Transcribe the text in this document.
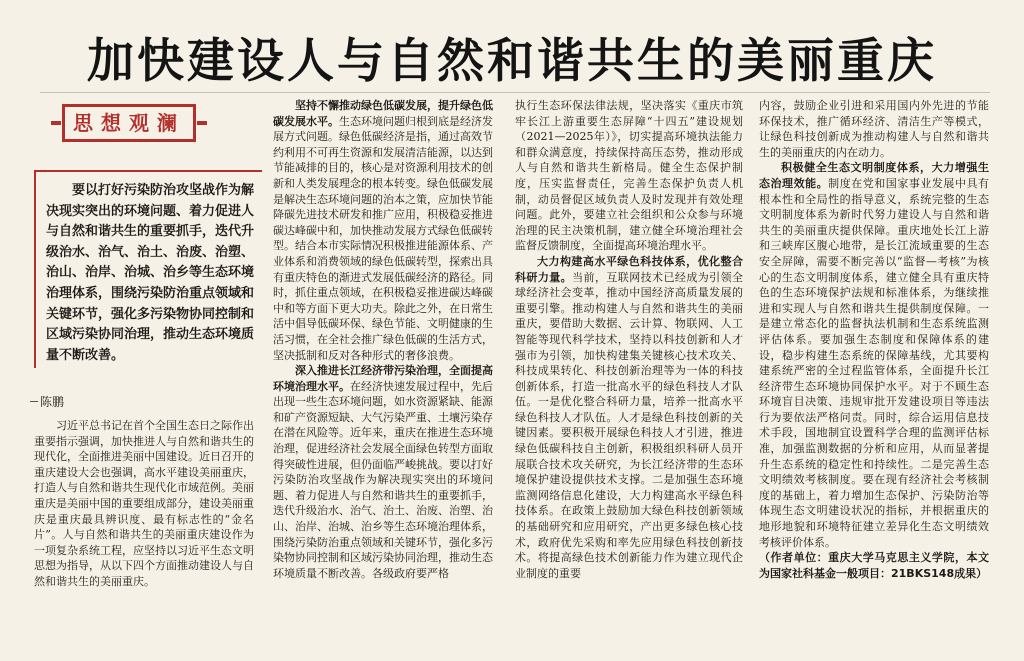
加快建设人与自然和谐共生的美丽重庆
思想观澜

要以打好污染防治攻坚战作为解决现实突出的环境问题、着力促进人与自然和谐共生的重要抓手，迭代升级治水、治气、治土、治废、治塑、治山、治岸、治城、治乡等生态环境治理体系，围绕污染防治重点领域和关键环节，强化多污染物协同控制和区域污染协同治理，推动生态环境质量不断改善。

陈鹏

习近平总书记在首个全国生态日之际作出重要指示强调，加快推进人与自然和谐共生的现代化，全面推进美丽中国建设。近日召开的重庆建设大会也强调，高水平建设美丽重庆，打造人与自然和谐共生现代化市域范例。美丽重庆是美丽中国的重要组成部分，建设美丽重庆是重庆最具辨识度、最有标志性的“金名片”。人与自然和谐共生的美丽重庆建设作为一项复杂系统工程，应坚持以习近平生态文明思想为指导，从以下四个方面推动建设人与自然和谐共生的美丽重庆。

坚持不懈推动绿色低碳发展，提升绿色低碳发展水平。生态环境问题归根到底是经济发展方式问题。绿色低碳经济是指，通过高效节约利用不可再生资源和发展清洁能源，以达到节能减排的目的，核心是对资源利用技术的创新和人类发展理念的根本转变。绿色低碳发展是解决生态环境问题的治本之策，应加快节能降碳先进技术研发和推广应用，积极稳妥推进碳达峰碳中和，加快推动发展方式绿色低碳转型。结合本市实际情况积极推进能源体系、产业体系和消费领域的绿色低碳转型，探索出具有重庆特色的渐进式发展低碳经济的路径。同时，抓住重点领域，在积极稳妥推进碳达峰碳中和等方面下更大功夫。除此之外，在日常生活中倡导低碳环保、绿色节能、文明健康的生活习惯，在全社会推广绿色低碳的生活方式，坚决抵制和反对各种形式的奢侈浪费。

深入推进长江经济带污染治理，全面提高环境治理水平。在经济快速发展过程中，先后出现一些生态环境问题，如水资源紧缺、能源和矿产资源短缺、大气污染严重、土壤污染存在潜在风险等。近年来，重庆在推进生态环境治理，促进经济社会发展全面绿色转型方面取得突破性进展，但仍面临严峻挑战。要以打好污染防治攻坚战作为解决现实突出的环境问题、着力促进人与自然和谐共生的重要抓手，迭代升级治水、治气、治土、治废、治塑、治山、治岸、治城、治乡等生态环境治理体系，围绕污染防治重点领域和关键环节，强化多污染物协同控制和区域污染协同治理，推动生态环境质量不断改善。各级政府要严格

执行生态环保法律法规，坚决落实《重庆市筑牢长江上游重要生态屏障“十四五”建设规划（2021—2025年）》，切实提高环境执法能力和群众满意度，持续保持高压态势，推动形成人与自然和谐共生新格局。健全生态保护制度，压实监督责任，完善生态保护负责人机制，动员督促区域负责人及时发现并有效处理问题。此外，要建立社会组织和公众参与环境治理的民主决策机制，建立健全环境治理社会监督反馈制度，全面提高环境治理水平。

大力构建高水平绿色科技体系，优化整合科研力量。当前，互联网技术已经成为引领全球经济社会变革，推动中国经济高质量发展的重要引擎。推动构建人与自然和谐共生的美丽重庆，要借助大数据、云计算、物联网、人工智能等现代科学技术，坚持以科技创新和人才强市为引领，加快构建集关键核心技术攻关、科技成果转化、科技创新治理等为一体的科技创新体系，打造一批高水平的绿色科技人才队伍。一是优化整合科研力量，培养一批高水平绿色科技人才队伍。人才是绿色科技创新的关键因素。要积极开展绿色科技人才引进，推进绿色低碳科技自主创新，积极组织科研人员开展联合技术攻关研究，为长江经济带的生态环境保护建设提供技术支撑。二是加强生态环境监测网络信息化建设，大力构建高水平绿色科技体系。在政策上鼓励加大绿色科技创新领域的基础研究和应用研究，产出更多绿色核心技术，政府优先采购和率先应用绿色科技创新技术。将提高绿色技术创新能力作为建立现代企业制度的重要

内容，鼓励企业引进和采用国内外先进的节能环保技术，推广循环经济、清洁生产等模式，让绿色科技创新成为推动构建人与自然和谐共生的美丽重庆的内在动力。

积极健全生态文明制度体系，大力增强生态治理效能。制度在党和国家事业发展中具有根本性和全局性的指导意义，系统完整的生态文明制度体系为新时代努力建设人与自然和谐共生的美丽重庆提供保障。重庆地处长江上游和三峡库区腹心地带，是长江流域重要的生态安全屏障，需要不断完善以“监督—考核”为核心的生态文明制度体系，建立健全具有重庆特色的生态环境保护法规和标准体系，为继续推进和实现人与自然和谐共生提供制度保障。一是建立常态化的监督执法机制和生态系统监测评估体系。要加强生态制度和保障体系的建设，稳步构建生态系统的保障基线，尤其要构建系统严密的全过程监管体系，全面提升长江经济带生态环境协同保护水平。对于不顾生态环境盲目决策、违规审批开发建设项目等违法行为要依法严格问责。同时，综合运用信息技术手段，国地制宜设置科学合理的监测评估标准，加强监测数据的分析和应用，从而显著提升生态系统的稳定性和持续性。二是完善生态文明绩效考核制度。要在现有经济社会考核制度的基础上，着力增加生态保护、污染防治等体现生态文明建设状况的指标，并根据重庆的地形地貌和环境特征建立差异化生态文明绩效考核评价体系。

（作者单位：重庆大学马克思主义学院，本文为国家社科基金一般项目：21BKS148成果）
